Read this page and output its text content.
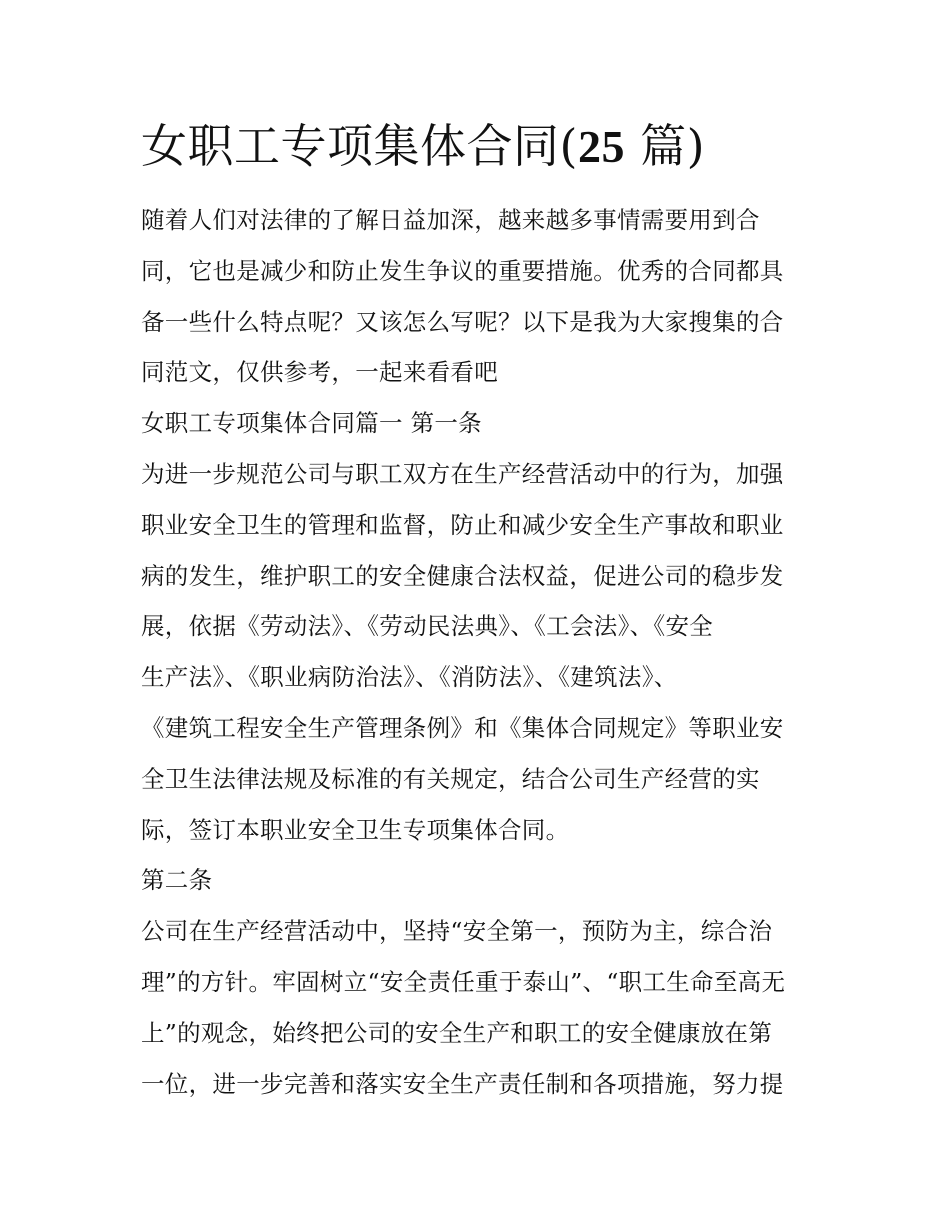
女职工专项集体合同(25 篇)
随着人们对法律的了解日益加深，越来越多事情需要用到合
同，它也是减少和防止发生争议的重要措施。优秀的合同都具
备一些什么特点呢？又该怎么写呢？以下是我为大家搜集的合
同范文，仅供参考，一起来看看吧
女职工专项集体合同篇一 第一条
为进一步规范公司与职工双方在生产经营活动中的行为，加强
职业安全卫生的管理和监督，防止和减少安全生产事故和职业
病的发生，维护职工的安全健康合法权益，促进公司的稳步发
展，依据《劳动法》、《劳动民法典》、《工会法》、《安全
生产法》、《职业病防治法》、《消防法》、《建筑法》、
《建筑工程安全生产管理条例》和《集体合同规定》等职业安
全卫生法律法规及标准的有关规定，结合公司生产经营的实
际，签订本职业安全卫生专项集体合同。
第二条
公司在生产经营活动中，坚持“安全第一，预防为主，综合治
理”的方针。牢固树立“安全责任重于泰山”、“职工生命至高无
上”的观念，始终把公司的安全生产和职工的安全健康放在第
一位，进一步完善和落实安全生产责任制和各项措施，努力提
